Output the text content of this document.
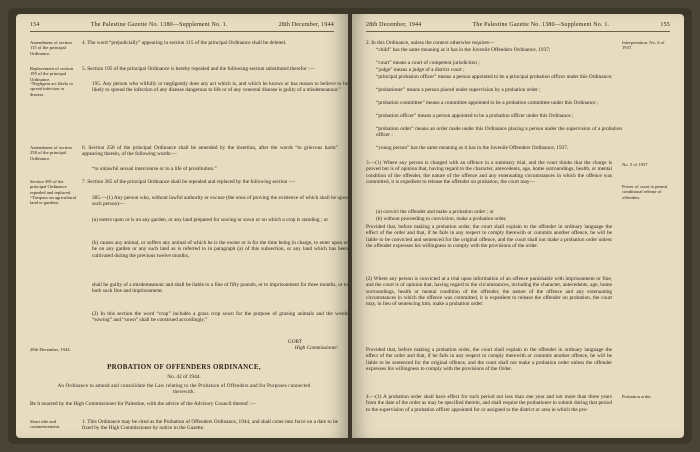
154	The Palestine Gazette No. 1380—Supplement No. 1.	28th December, 1944
Amendment of section 115 of the principal Ordinance.
Replacement of section 195 of the principal Ordinance.
“Negligent act likely to spread infection or disease.
Amendment of section 258 of the principal Ordinance.
Section 385 of the principal Ordinance repealed and replaced.
“Trespass on agricultural land or gardens.
28th December, 1944.
Short title and commencement.
4. The word “prejudicially” appearing in section 115 of the principal Ordinance shall be deleted.
5. Section 195 of the principal Ordinance is hereby repealed and the following section substituted therefor :—
195. Any person who wilfully or negligently does any act which is, and which he knows or has reason to believe to be likely to spread the infection of any disease dangerous to life or of any venereal disease is guilty of a misdemeanour.”
6. Section 258 of the principal Ordinance shall be amended by the insertion, after the words “to grievous harm” appearing therein, of the following words:—
“to unlawful sexual intercourse or to a life of prostitution.”
7. Section 385 of the principal Ordinance shall be repealed and replaced by the following section :—
385.—(1) Any person who, without lawful authority or excuse (the onus of proving the existence of which shall be upon such person)—
(a) enters upon or is on any garden, or any land prepared for sowing or sown or on which a crop is standing ; or
(b) causes any animal, or suffers any animal of which he is the owner or is for the time being in charge, to enter upon or be on any garden or any such land as is referred to in paragraph (a) of this subsection, or any land which has been cultivated during the previous twelve months,
shall be guilty of a misdemeanour and shall be liable to a fine of fifty pounds, or to imprisonment for three months, or to both such fine and imprisonment.
(2) In this section the word “crop” includes a grass crop sown for the purpose of grazing animals and the words “sowing” and “sown” shall be construed accordingly.”
GORT
High Commissioner.
PROBATION OF OFFENDERS ORDINANCE,
No. 42 of 1944.
An Ordinance to amend and consolidate the Law relating to the Probation of Offenders and for Purposes connected therewith.
Be it enacted by the High Commissioner for Palestine, with the advice of the Advisory Council thereof :—
1. This Ordinance may be cited as the Probation of Offenders Ordinance, 1944, and shall come into force on a date to be fixed by the High Commissioner by notice in the Gazette.
28th December, 1944	The Palestine Gazette No. 1380—Supplement No. 1.	155
Interpretation. No. 6 of 1937.
No. 5 of 1937.
Power of court to permit conditional release of offenders.
Probation order.
2. In this Ordinance, unless the context otherwise requires—
“child” has the same meaning as it has in the Juvenile Offenders Ordinance, 1937;
“court” means a court of competent jurisdiction ;
“judge” means a judge of a district court ;
“principal probation officer” means a person appointed to be a principal probation officer under this Ordinance;
“probationer” means a person placed under supervision by a probation order ;
“probation committee” means a committee appointed to be a probation committee under this Ordinance ;
“probation officer” means a person appointed to be a probation officer under this Ordinance ;
“probation order” means an order made under this Ordinance placing a person under the supervision of a probation officer ;
“young person” has the same meaning as it has in the Juvenile Offenders Ordinance, 1937.
3.—(1) Where any person is charged with an offence in a summary trial, and the court thinks that the charge is proved but is of opinion that, having regard to the character, antecedents, age, home surroundings, health, or mental condition of the offender, the nature of the offence and any extenuating circumstances in which the offence was committed, it is expedient to release the offender on probation, the court may—
(a) convict the offender and make a probation order ; or
(b) without proceeding to conviction, make a probation order.
Provided that, before making a probation order, the court shall explain to the offender in ordinary language the effect of the order and that, if he fails in any respect to comply therewith or commits another offence, he will be liable to be convicted and sentenced for the original offence, and the court shall not make a probation order unless the offender expresses his willingness to comply with the provisions of the order.
(2) Where any person is convicted at a trial upon information of an offence punishable with imprisonment or fine, and the court is of opinion that, having regard to the circumstances, including the character, antecedents, age, home surroundings, health or mental condition of the offender, the nature of the offence and any extenuating circumstances in which the offence was committed, it is expedient to release the offender on probation, the court may, in lieu of sentencing him, make a probation order:
Provided that, before making a probation order, the court shall explain to the offender in ordinary language the effect of the order and that, if he fails in any respect to comply therewith or commits another offence, he will be liable to be sentenced for the original offence, and the court shall not make a probation order unless the offender expresses his willingness to comply with the provisions of the Order.
4.—(1) A probation order shall have effect for such period not less than one year and not more than three years from the date of the order as may be specified therein, and shall require the probationer to submit during that period to the supervision of a probation officer appointed for or assigned to the district or area in which the pro-
